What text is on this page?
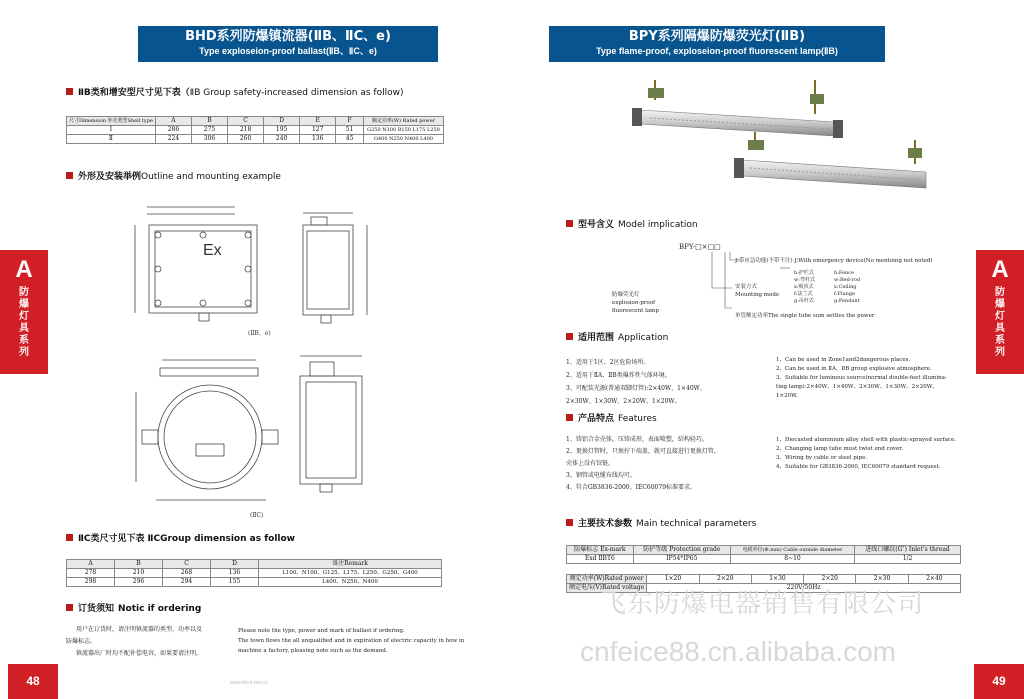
BHD系列防爆镇流器(ⅡB、ⅡC、e)
Type exploseion-proof ballast(ⅡB、ⅡC、e)
ⅡB类和增安型尺寸见下表（ⅡB Group safety-increased dimension as follow)
尺寸Dimension 外壳类型Shell type	A	B	C	D	E	F	额定功率(W) Rated power
Ⅰ	286	275	218	195	127	51	G250 N100 B150 L175 L250
Ⅱ	224	306	260	240	136	45	G400 N250 N400 L400
外形及安装举例Outline and mounting example
Ex
(ⅡB、e)
(ⅡC)
ⅡC类尺寸见下表 ⅡCGroup dimension as follow
A	B	C	D	备注Remark
278	210	268	136	L100、N100、G125、L175、L250、G250、G400
298	296	294	155	L400、N250、N400
订货须知 Notic if ordering
用户在订货时，请注明镇流器的类型，功率以及
防爆标志。
镇流器出厂时均不配补偿电容，如果要请注明。
Please note the type, power and mark of ballast if ordering.
The town flows the all unqualified and in expiration of electric capacity in how in
machine a factory, pleasing note such as the demand.
A
防
爆
灯
具
系
列
48	www.feice.net.cn
BPY系列隔爆防爆荧光灯(ⅡB)
Type flame-proof, exploseion-proof fluorescent lamp(ⅡB)
型号含义 Model implication
BPY-□×□□
J:带应急功能(不带不注) J:With emergency device(No mentoing not noted)
安装方式
Mounting mode
h:护栏式
w:弯杆式
x:吸顶式
f:法兰式
g:吊杆式
h:Fence
w:Bed-rod
x:Ceiling
f:Flange
g:Pendant
防爆荧光灯
explosion-proof
fluorescent lamp
单管额定功率The single tube sum settles the power
适用范围 Application
1、适用于1区、2区危险场所。
2、适用于ⅡA、ⅡB类爆炸性气体环境。
3、可配装光源(普通双脚灯管):2×40W、1×40W、
2×30W、1×30W、2×20W、1×20W。
1、Can be used in Zone1and2dangerous places.
2、Can be used in ⅡA、ⅡB group explosive atmosphere.
3、Suitable for luminous source(normal double-feet illumina-
ting lamp):2×40W、1×40W、2×30W、1×30W、2×20W、
1×20W.
产品特点 Features
1、铸铝合金壳体，压铸成形，表面喷塑，结构轻巧。
2、更换灯管时，只须拧下端盖，就可直接进行更换灯管，
壳体上没有铰链。
3、钢管或电缆布线均可。
4、符合GB3836-2000、IEC60079标准要求。
1、Diecasted aluminium alloy shell with plastic-sprayed surface.
2、Changing lamp tube must twist end cover.
3、Wiring by cable or steel pipe.
4、Suitable for GB3836-2000, IEC60079 standard request.
主要技术参数 Main technical parameters
防爆标志 Ex-mark	防护等级 Protection grade	电缆外径(Φ,mm) Cable outside diameter	进线口螺纹(G″) Inlet's thread
Exd ⅡBT6	IP54*IP65	8~10	1/2
额定功率(W)Rated power	1×20	2×20	1×30	2×20	2×30	2×40
额定电压(V)Rated voltage	220V/50Hz					
飞东防爆电器销售有限公司
cnfeice88.cn.alibaba.com
A
防
爆
灯
具
系
列
49
